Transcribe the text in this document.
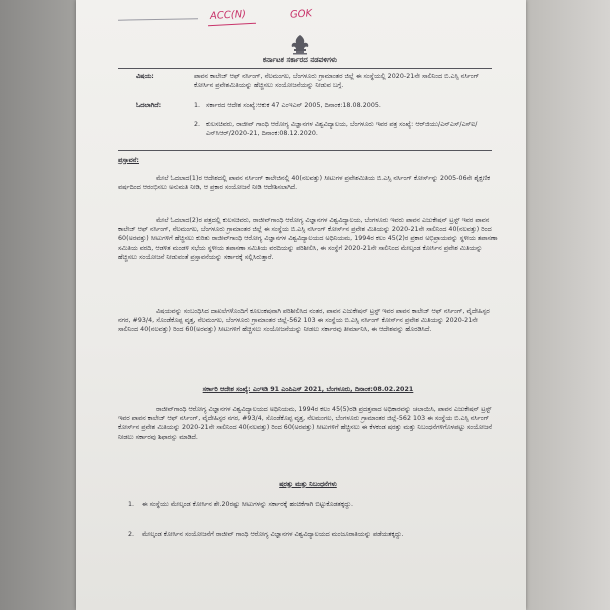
ACC(N)	GOK
ಕರ್ನಾಟಕ ಸರ್ಕಾರದ ನಡವಳಿಗಳು
ವಿಷಯ:	ಪಾವನ ಕಾಲೇಜ್ ಆಫ್ ನರ್ಸಿಂಗ್, ನೆಲಮಂಗಲ, ಬೆಂಗಳೂರು ಗ್ರಾಮಾಂತರ ಜಿಲ್ಲೆ ಈ ಸಂಸ್ಥೆಯಲ್ಲಿ 2020-21ನೇ ಸಾಲಿನಿಂದ ಬಿ.ಎಸ್ಸಿ ನರ್ಸಿಂಗ್ ಕೋರ್ಸಿನ ಪ್ರವೇಶಮಿತಿಯನ್ನು ಹೆಚ್ಚಿಸಲು ಸಂಯೋಜನೆಯನ್ನು ನೀಡುವ ಬಗ್ಗೆ.
ಓದಲಾಗಿದೆ:	1. ಸರ್ಕಾರದ ಆದೇಶ ಸಂಖ್ಯೆ:ಆಕುಕ 47 ಎಂಇಎನ್ 2005, ದಿನಾಂಕ:18.08.2005.
2. ಕುಲಸಚಿವರು, ರಾಜೀವ್ ಗಾಂಧಿ ಆರೋಗ್ಯ ವಿಜ್ಞಾನಗಳ ವಿಶ್ವವಿದ್ಯಾಲಯ, ಬೆಂಗಳೂರು ಇವರ ಪತ್ರ ಸಂಖ್ಯೆ: ಆರ್‌ಜಿಯು/ಎನ್‌ಎಸ್/ಎಸ್‌ಐ/ಎನ್‌ಸಿಆರ್/2020-21, ದಿನಾಂಕ:08.12.2020.
ಪ್ರಸ್ತಾವನೆ:
ಮೇಲೆ ಓದಲಾದ(1)ರ ಆದೇಶದಲ್ಲಿ ಪಾವನ ನರ್ಸಿಂಗ್ ಕಾಲೇಜಿನಲ್ಲಿ 40(ನಲವತ್ತು) ಸೀಟುಗಳ ಪ್ರವೇಶಮಿತಿಯ ಬಿ.ಎಸ್ಸಿ ನರ್ಸಿಂಗ್ ಕೋರ್ಸ್‌ನ್ನು 2005-06ನೇ ಶೈಕ್ಷಣಿಕ ವರ್ಷದಿಂದ ಆರಂಭಿಸಲು ಅನುಮತಿ ನೀಡಿ, ಆ ಪ್ರಕಾರ ಸಂಯೋಜನೆ ನೀಡಿ ಆದೇಶಿಸಲಾಗಿದೆ.
ಮೇಲೆ ಓದಲಾದ(2)ರ ಪತ್ರದಲ್ಲಿ ಕುಲಸಚಿವರು, ರಾಜೀವ್‌ಗಾಂಧಿ ಆರೋಗ್ಯ ವಿಜ್ಞಾನಗಳ ವಿಶ್ವವಿದ್ಯಾಲಯ, ಬೆಂಗಳೂರು ಇವರು ಪಾವನ ಎಜುಕೇಷನ್ ಟ್ರಸ್ಟ್ ಇವರ ಪಾವನ ಕಾಲೇಜ್ ಆಫ್ ನರ್ಸಿಂಗ್, ನೆಲಮಂಗಲ, ಬೆಂಗಳೂರು ಗ್ರಾಮಾಂತರ ಜಿಲ್ಲೆ ಈ ಸಂಸ್ಥೆಯ ಬಿ.ಎಸ್ಸಿ ನರ್ಸಿಂಗ್ ಕೋರ್ಸ್‌ನ ಪ್ರವೇಶ ಮಿತಿಯನ್ನು 2020-21ನೇ ಸಾಲಿನಿಂದ 40(ನಲವತ್ತು) ರಿಂದ 60(ಅರವತ್ತು) ಸೀಟುಗಳಿಗೆ ಹೆಚ್ಚಿಸಲು ಕುರಿತು ರಾಜೀವ್‌ಗಾಂಧಿ ಆರೋಗ್ಯ ವಿಜ್ಞಾನಗಳ ವಿಶ್ವವಿದ್ಯಾಲಯದ ಅಧಿನಿಯಮ, 1994ರ ಕಲಂ 45(2)ರ ಪ್ರಕಾರ ಅಭಿಪ್ರಾಯವನ್ನು ಸ್ಥಳೀಯ ತಪಾಸಣಾ ಸಮಿತಿಯ ವರದಿ, ಆಡಳಿತ ಮಂಡಳಿ ಸಭೆಯ ಸ್ಥಳೀಯ ತಪಾಸಣಾ ಸಮಿತಿಯ ವರದಿಯನ್ನು ಪರಿಶೀಲಿಸಿ, ಈ ಸಂಸ್ಥೆಗೆ 2020-21ನೇ ಸಾಲಿನಿಂದ ಮೇಲ್ಕಂಡ ಕೋರ್ಸಿನ ಪ್ರವೇಶ ಮಿತಿಯನ್ನು ಹೆಚ್ಚಿಸಲು ಸಂಯೋಜನೆ ನೀಡುವಂತೆ ಪ್ರಸ್ತಾವನೆಯನ್ನು ಸರ್ಕಾರಕ್ಕೆ ಸಲ್ಲಿಸಿರುತ್ತಾರೆ.
ವಿಷಯವನ್ನು ಸಂಬಂಧಿಸಿದ ದಾಖಲೆಗಳೊಂದಿಗೆ ಕೂಲಂಕಷವಾಗಿ ಪರಿಶೀಲಿಸಿದ ನಂತರ, ಪಾವನ ಎಜುಕೇಷನ್ ಟ್ರಸ್ಟ್ ಇವರ ಪಾವನ ಕಾಲೇಜ್ ಆಫ್ ನರ್ಸಿಂಗ್, ವೈದೇಹಿಸ್ಪರ ನಗರ, #93/4, ಸೊಂಡೆಕೊಪ್ಪ ವೃತ್ತ, ನೆಲಮಂಗಲ, ಬೆಂಗಳೂರು ಗ್ರಾಮಾಂತರ ಜಿಲ್ಲೆ-562 103 ಈ ಸಂಸ್ಥೆಯ ಬಿ.ಎಸ್ಸಿ ನರ್ಸಿಂಗ್ ಕೋರ್ಸ್‌ನ ಪ್ರವೇಶ ಮಿತಿಯನ್ನು 2020-21ನೇ ಸಾಲಿನಿಂದ 40(ನಲವತ್ತು) ರಿಂದ 60(ಅರವತ್ತು) ಸೀಟುಗಳಿಗೆ ಹೆಚ್ಚಿಸಲು ಸಂಯೋಜನೆಯನ್ನು ನೀಡಲು ಸರ್ಕಾರವು ತೀರ್ಮಾನಿಸಿ, ಈ ಆದೇಶವನ್ನು ಹೊರಡಿಸಿದೆ.
ಸರ್ಕಾರಿ ಆದೇಶ ಸಂಖ್ಯೆ: ಎಂಇಡಿ 91 ಎಂಪಿಎಸ್ 2021, ಬೆಂಗಳೂರು, ದಿನಾಂಕ:08.02.2021
ರಾಜೀವ್‌ಗಾಂಧಿ ಆರೋಗ್ಯ ವಿಜ್ಞಾನಗಳ ವಿಶ್ವವಿದ್ಯಾಲಯದ ಅಧಿನಿಯಮ, 1994ರ ಕಲಂ 45(5)ರಡಿ ಪ್ರದತ್ತವಾದ ಅಧಿಕಾರವನ್ನು ಚಲಾಯಿಸಿ, ಪಾವನ ಎಜುಕೇಷನ್ ಟ್ರಸ್ಟ್ ಇವರ ಪಾವನ ಕಾಲೇಜ್ ಆಫ್ ನರ್ಸಿಂಗ್, ವೈದೇಹಿಸ್ಪರ ನಗರ, #93/4, ಸೊಂಡೆಕೊಪ್ಪ ವೃತ್ತ, ನೆಲಮಂಗಲ, ಬೆಂಗಳೂರು ಗ್ರಾಮಾಂತರ ಜಿಲ್ಲೆ-562 103 ಈ ಸಂಸ್ಥೆಯ ಬಿ.ಎಸ್ಸಿ ನರ್ಸಿಂಗ್ ಕೋರ್ಸ್‌ನ ಪ್ರವೇಶ ಮಿತಿಯನ್ನು 2020-21ನೇ ಸಾಲಿನಿಂದ 40(ನಲವತ್ತು) ರಿಂದ 60(ಅರವತ್ತು) ಸೀಟುಗಳಿಗೆ ಹೆಚ್ಚಿಸಲು ಈ ಕೆಳಕಂಡ ಷರತ್ತು ಮತ್ತು ನಿಬಂಧನೆಗಳಿಗೊಳಪಟ್ಟು ಸಂಯೋಜನೆ ನೀಡಲು ಸರ್ಕಾರವು ಶಿಫಾರಸ್ಸು ಮಾಡಿದೆ.
ಷರತ್ತು ಮತ್ತು ನಿಬಂಧನೆಗಳು
1. ಈ ಸಂಸ್ಥೆಯು ಮೇಲ್ಕಂಡ ಕೋರ್ಸಿನ ಶೇ.20ರಷ್ಟು ಸೀಟುಗಳನ್ನು ಸರ್ಕಾರಕ್ಕೆ ಹಂಚಿಕೆಗಾಗಿ ಬಿಟ್ಟುಕೊಡತಕ್ಕದ್ದು.
2. ಮೇಲ್ಕಂಡ ಕೋರ್ಸಿನ ಸಂಯೋಜನೆಗೆ ರಾಜೀವ್ ಗಾಂಧಿ ಆರೋಗ್ಯ ವಿಜ್ಞಾನಗಳ ವಿಶ್ವವಿದ್ಯಾಲಯದ ಮಂಜೂರಾತಿಯನ್ನು ಪಡೆಯತಕ್ಕದ್ದು.
